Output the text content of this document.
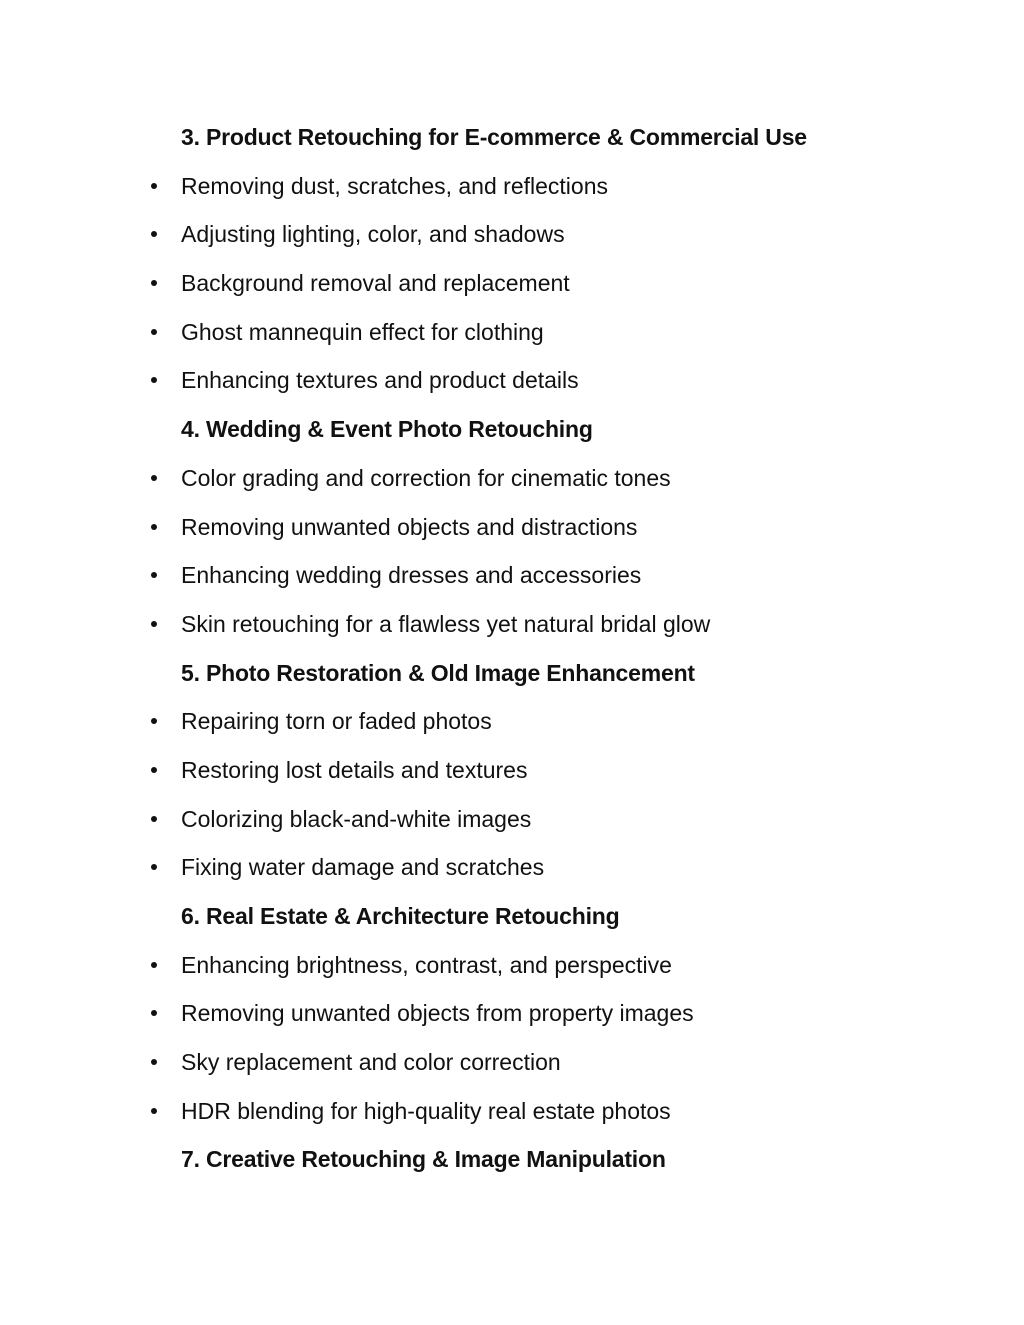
3. Product Retouching for E-commerce & Commercial Use
Removing dust, scratches, and reflections
Adjusting lighting, color, and shadows
Background removal and replacement
Ghost mannequin effect for clothing
Enhancing textures and product details
4. Wedding & Event Photo Retouching
Color grading and correction for cinematic tones
Removing unwanted objects and distractions
Enhancing wedding dresses and accessories
Skin retouching for a flawless yet natural bridal glow
5. Photo Restoration & Old Image Enhancement
Repairing torn or faded photos
Restoring lost details and textures
Colorizing black-and-white images
Fixing water damage and scratches
6. Real Estate & Architecture Retouching
Enhancing brightness, contrast, and perspective
Removing unwanted objects from property images
Sky replacement and color correction
HDR blending for high-quality real estate photos
7. Creative Retouching & Image Manipulation
